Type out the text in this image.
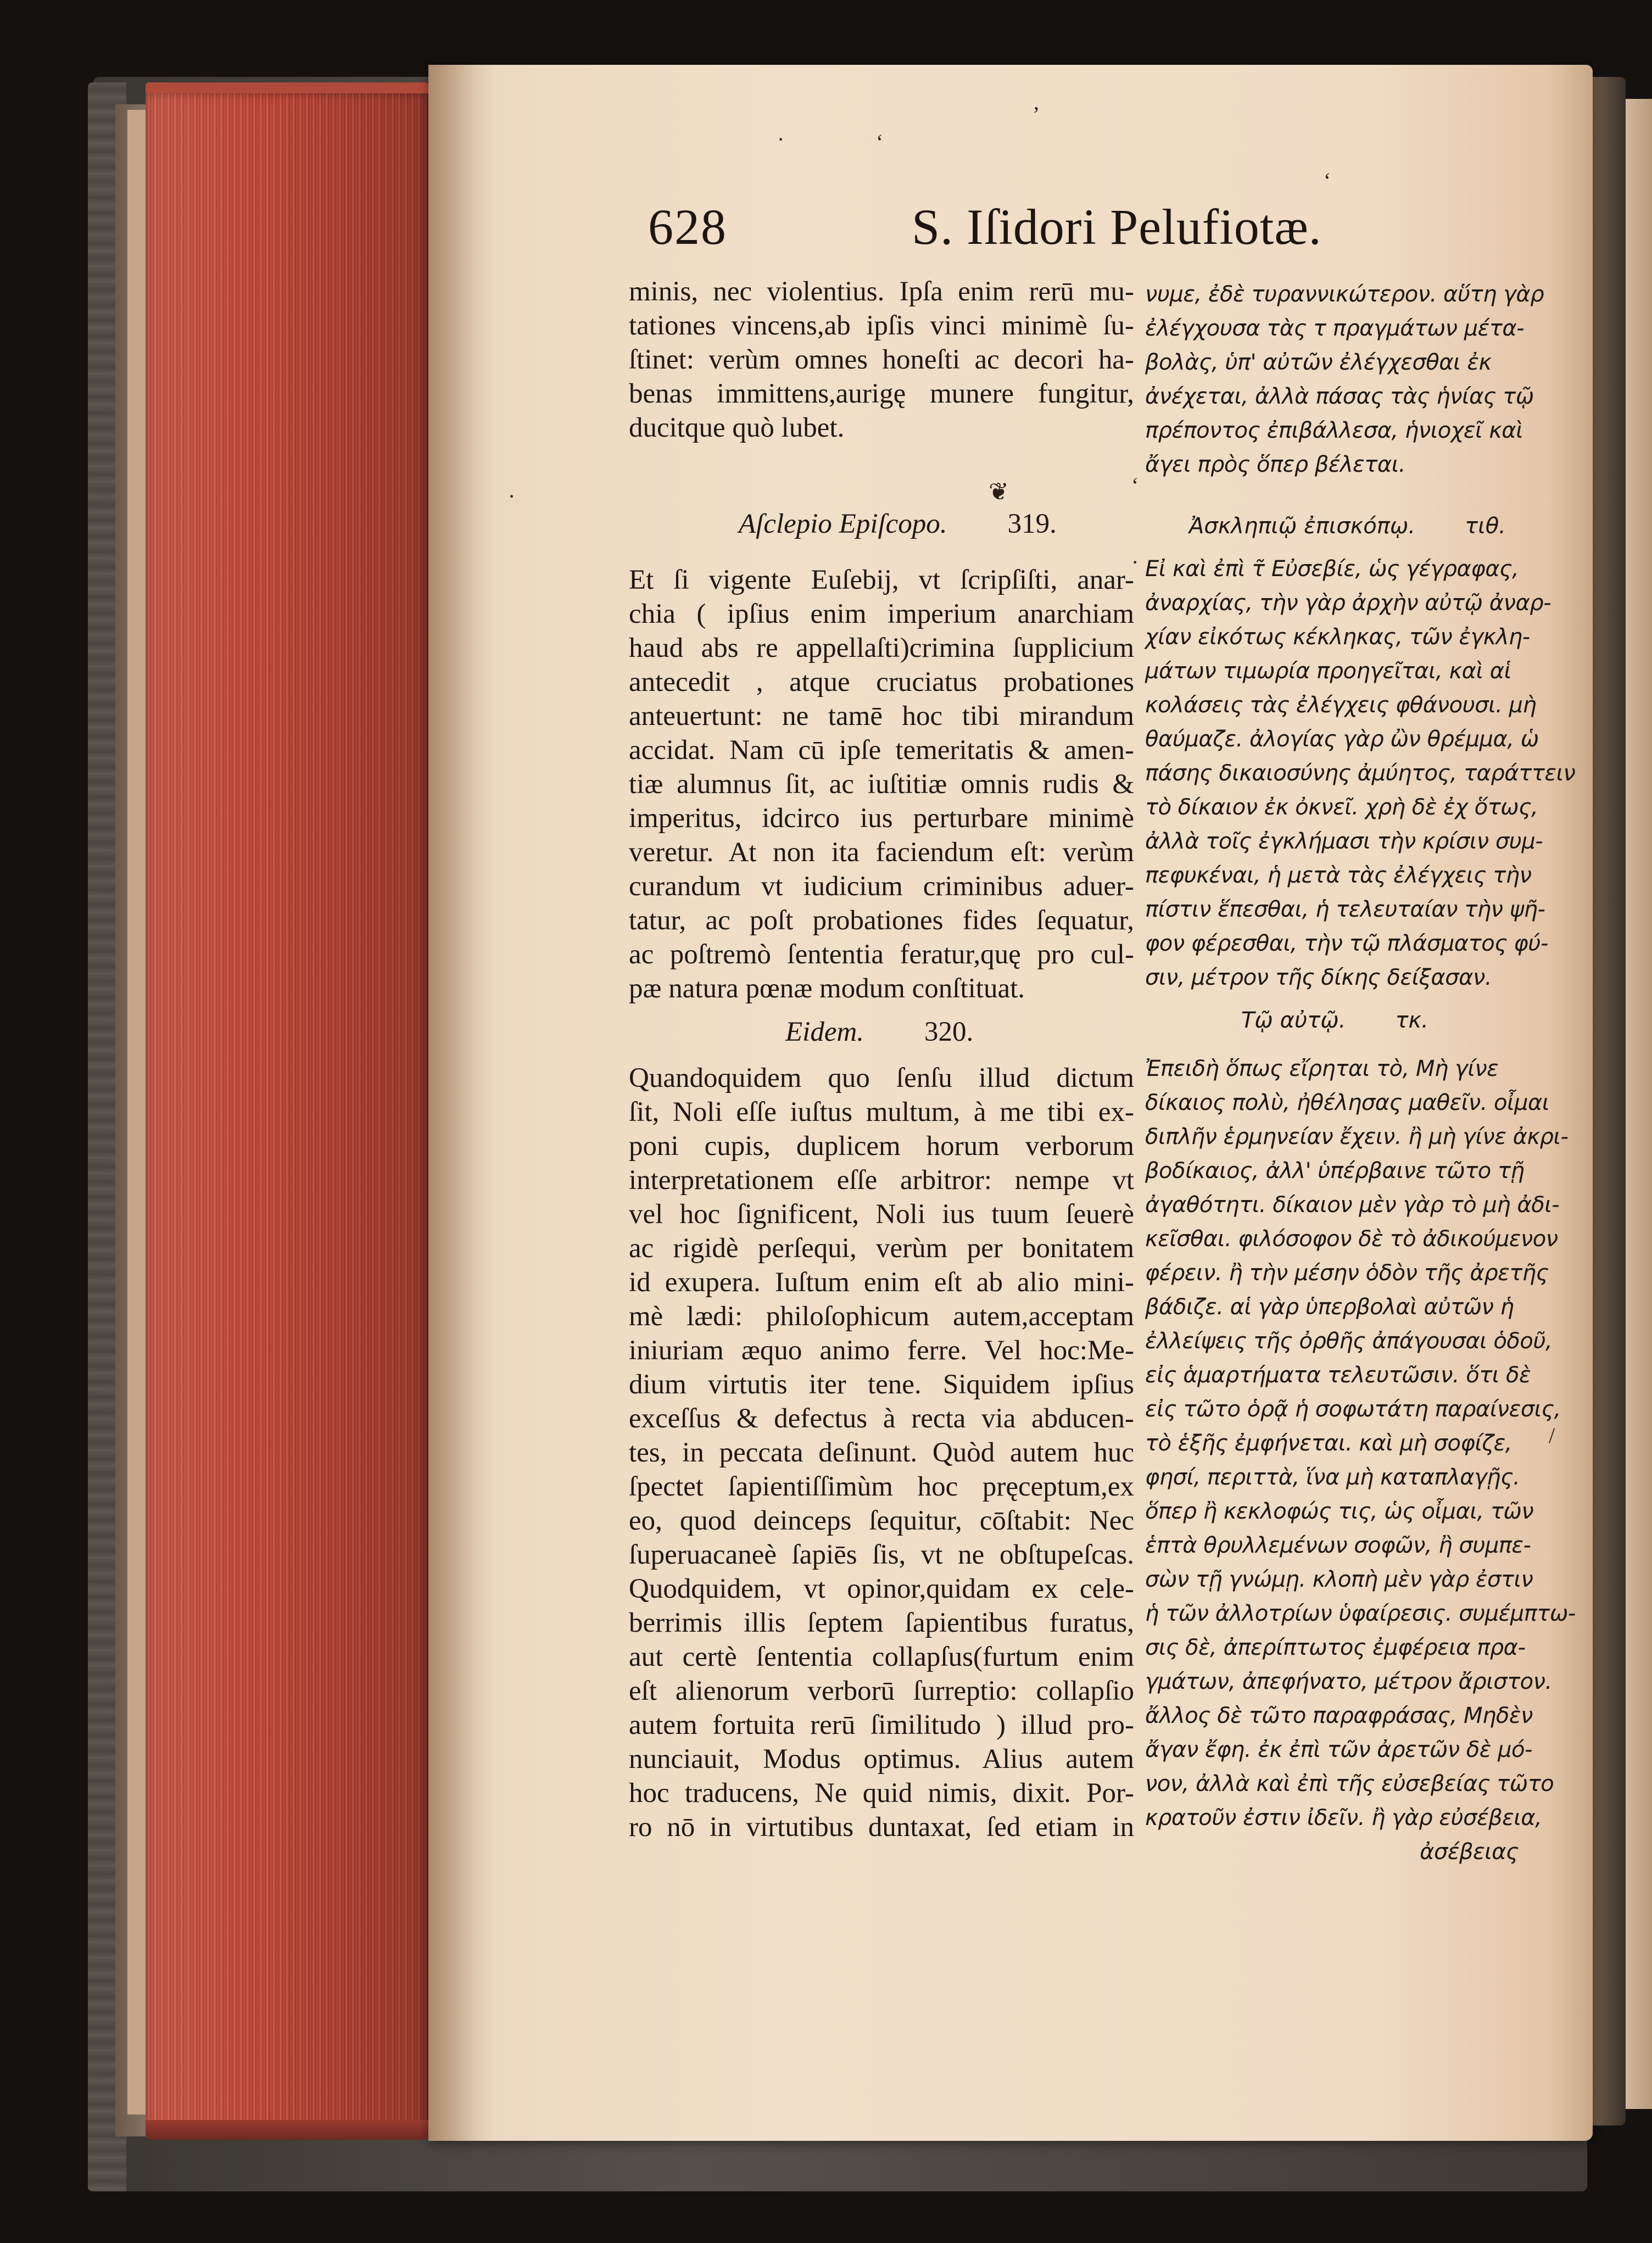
·
ʼ
ʻ
ʻ
ʻ
·
·
/
❦
628	S. Iſidori Pelufiotæ.
minis, nec violentius. Ipſa enim rerū mu-
tationes vincens,ab ipſis vinci minimè ſu-
ſtinet: verùm omnes honeſti ac decori ha-
benas immittens,aurigę munere fungitur,
ducitque quò lubet.
Aſclepio Epiſcopo. 319.
Et ſi vigente Euſebij, vt ſcripſiſti, anar-
chia ( ipſius enim imperium anarchiam
haud abs re appellaſti)crimina ſupplicium
antecedit , atque cruciatus probationes
anteuertunt: ne tamē hoc tibi mirandum
accidat. Nam cū ipſe temeritatis & amen-
tiæ alumnus ſit, ac iuſtitiæ omnis rudis &
imperitus, idcirco ius perturbare minimè
veretur. At non ita faciendum eſt: verùm
curandum vt iudicium criminibus aduer-
tatur, ac poſt probationes fides ſequatur,
ac poſtremò ſententia feratur,quę pro cul-
pæ natura pœnæ modum conſtituat.
Eidem. 320.
Quandoquidem quo ſenſu illud dictum
ſit, Noli eſſe iuſtus multum, à me tibi ex-
poni cupis, duplicem horum verborum
interpretationem eſſe arbitror: nempe vt
vel hoc ſignificent, Noli ius tuum ſeuerè
ac rigidè perſequi, verùm per bonitatem
id exupera. Iuſtum enim eſt ab alio mini-
mè lædi: philoſophicum autem,acceptam
iniuriam æquo animo ferre. Vel hoc:Me-
dium virtutis iter tene. Siquidem ipſius
exceſſus & defectus à recta via abducen-
tes, in peccata deſinunt. Quòd autem huc
ſpectet ſapientiſſimùm hoc pręceptum,ex
eo, quod deinceps ſequitur, cōſtabit: Nec
ſuperuacaneè ſapiēs ſis, vt ne obſtupeſcas.
Quodquidem, vt opinor,quidam ex cele-
berrimis illis ſeptem ſapientibus furatus,
aut certè ſententia collapſus(furtum enim
eſt alienorum verborū ſurreptio: collapſio
autem fortuita rerū ſimilitudo ) illud pro-
nunciauit, Modus optimus. Alius autem
hoc traducens, Ne quid nimis, dixit. Por-
ro nō in virtutibus duntaxat, ſed etiam in
νυμε, ἐδὲ τυραννικώτερον. αὕτη γὰρ
ἐλέγχουσα τὰς τ πραγμάτων μέτα-
βολὰς, ὑπ' αὐτῶν ἐλέγχεσθαι ἐκ
ἀνέχεται, ἀλλὰ πάσας τὰς ἡνίας τῷ
πρέποντος ἐπιβάλλεσα, ἡνιοχεῖ καὶ
ἄγει πρὸς ὅπερ βέλεται.
Ἀσκληπιῷ ἐπισκόπῳ. τιθ.
Εἰ καὶ ἐπὶ τ̃ Εὐσεβίε, ὡς γέγραφας,
ἀναρχίας, τὴν γὰρ ἀρχὴν αὐτῷ ἀναρ-
χίαν εἰκότως κέκληκας, τῶν ἐγκλη-
μάτων τιμωρία προηγεῖται, καὶ αἱ
κολάσεις τὰς ἐλέγχεις φθάνουσι. μὴ
θαύμαζε. ἀλογίας γὰρ ὢν θρέμμα, ὡ
πάσης δικαιοσύνης ἀμύητος, ταράττειν
τὸ δίκαιον ἐκ ὀκνεῖ. χρὴ δὲ ἐχ ὅτως,
ἀλλὰ τοῖς ἐγκλήμασι τὴν κρίσιν συμ-
πεφυκέναι, ἡ μετὰ τὰς ἐλέγχεις τὴν
πίστιν ἕπεσθαι, ἡ τελευταίαν τὴν ψῆ-
φον φέρεσθαι, τὴν τῷ πλάσματος φύ-
σιν, μέτρον τῆς δίκης δείξασαν.
Τῷ αὐτῷ. τκ.
Ἐπειδὴ ὅπως εἴρηται τὸ, Μὴ γίνε
δίκαιος πολὺ, ἠθέλησας μαθεῖν. οἶμαι
διπλῆν ἑρμηνείαν ἔχειν. ἢ μὴ γίνε ἀκρι-
βοδίκαιος, ἀλλ' ὑπέρβαινε τῶτο τῇ
ἀγαθότητι. δίκαιον μὲν γὰρ τὸ μὴ ἀδι-
κεῖσθαι. φιλόσοφον δὲ τὸ ἀδικούμενον
φέρειν. ἢ τὴν μέσην ὁδὸν τῆς ἀρετῆς
βάδιζε. αἱ γὰρ ὑπερβολαὶ αὐτῶν ἡ
ἐλλείψεις τῆς ὀρθῆς ἀπάγουσαι ὁδοῦ,
εἰς ἁμαρτήματα τελευτῶσιν. ὅτι δὲ
εἰς τῶτο ὁρᾷ ἡ σοφωτάτη παραίνεσις,
τὸ ἑξῆς ἐμφήνεται. καὶ μὴ σοφίζε,
φησί, περιττὰ, ἵνα μὴ καταπλαγῇς.
ὅπερ ἢ κεκλοφώς τις, ὡς οἶμαι, τῶν
ἑπτὰ θρυλλεμένων σοφῶν, ἢ συμπε-
σὼν τῇ γνώμῃ. κλοπὴ μὲν γὰρ ἐστιν
ἡ τῶν ἀλλοτρίων ὑφαίρεσις. συμέμπτω-
σις δὲ, ἀπερίπτωτος ἐμφέρεια πρα-
γμάτων, ἀπεφήνατο, μέτρον ἄριστον.
ἄλλος δὲ τῶτο παραφράσας, Μηδὲν
ἄγαν ἔφη. ἐκ ἐπὶ τῶν ἀρετῶν δὲ μό-
νον, ἀλλὰ καὶ ἐπὶ τῆς εὐσεβείας τῶτο
κρατοῦν ἐστιν ἰδεῖν. ἢ γὰρ εὐσέβεια,
ἀσέβειας
